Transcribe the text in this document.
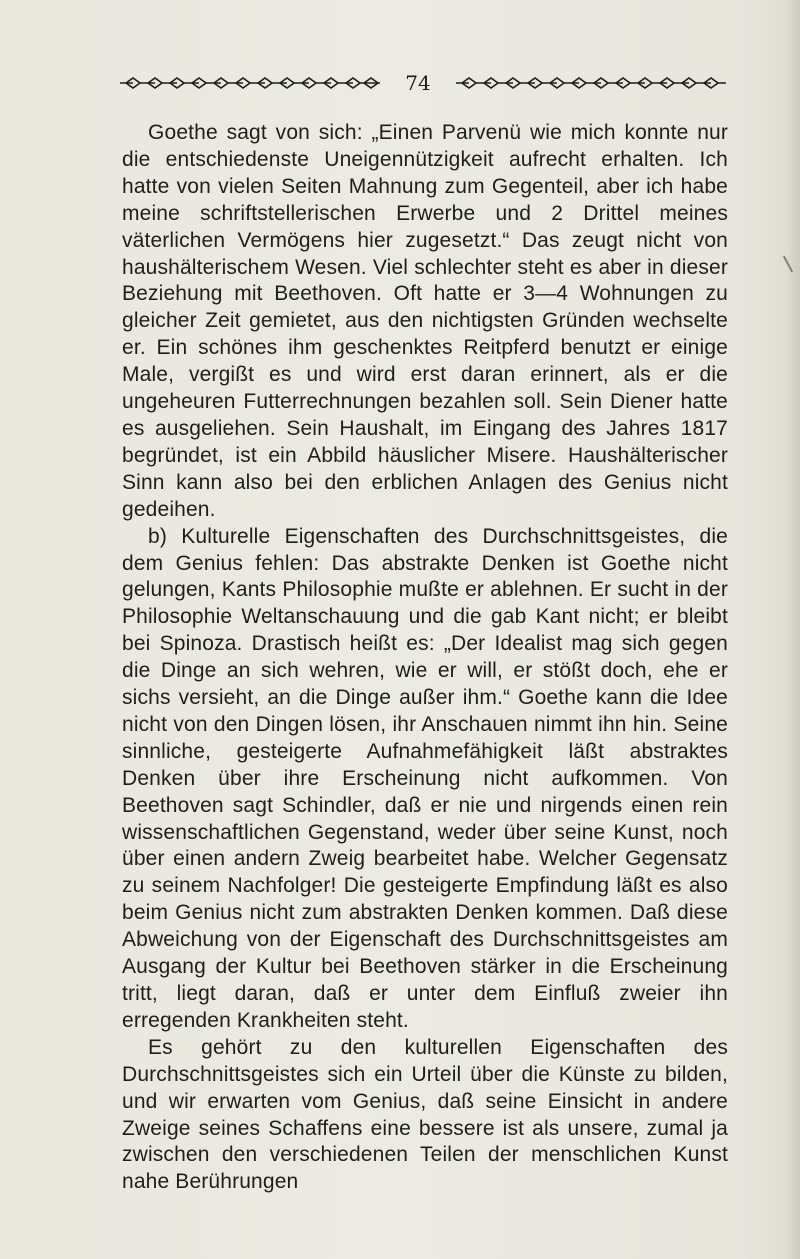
74

Goethe sagt von sich: „Einen Parvenü wie mich konnte nur die entschiedenste Uneigennützigkeit aufrecht erhalten. Ich hatte von vielen Seiten Mahnung zum Gegenteil, aber ich habe meine schriftstellerischen Erwerbe und 2 Drittel meines väterlichen Vermögens hier zugesetzt.“ Das zeugt nicht von haushälterischem Wesen. Viel schlechter steht es aber in dieser Beziehung mit Beethoven. Oft hatte er 3—4 Wohnungen zu gleicher Zeit gemietet, aus den nichtigsten Gründen wechselte er. Ein schönes ihm geschenktes Reitpferd benutzt er einige Male, vergißt es und wird erst daran erinnert, als er die ungeheuren Futterrechnungen bezahlen soll. Sein Diener hatte es ausgeliehen. Sein Haushalt, im Eingang des Jahres 1817 begründet, ist ein Abbild häuslicher Misere. Haushälterischer Sinn kann also bei den erblichen Anlagen des Genius nicht gedeihen.

b) Kulturelle Eigenschaften des Durchschnittsgeistes, die dem Genius fehlen: Das abstrakte Denken ist Goethe nicht gelungen, Kants Philosophie mußte er ablehnen. Er sucht in der Philosophie Weltanschauung und die gab Kant nicht; er bleibt bei Spinoza. Drastisch heißt es: „Der Idealist mag sich gegen die Dinge an sich wehren, wie er will, er stößt doch, ehe er sichs versieht, an die Dinge außer ihm.“ Goethe kann die Idee nicht von den Dingen lösen, ihr Anschauen nimmt ihn hin. Seine sinnliche, gesteigerte Aufnahmefähigkeit läßt abstraktes Denken über ihre Erscheinung nicht aufkommen. Von Beethoven sagt Schindler, daß er nie und nirgends einen rein wissenschaftlichen Gegenstand, weder über seine Kunst, noch über einen andern Zweig bearbeitet habe. Welcher Gegensatz zu seinem Nachfolger! Die gesteigerte Empfindung läßt es also beim Genius nicht zum abstrakten Denken kommen. Daß diese Abweichung von der Eigenschaft des Durchschnittsgeistes am Ausgang der Kultur bei Beethoven stärker in die Erscheinung tritt, liegt daran, daß er unter dem Einfluß zweier ihn erregenden Krankheiten steht.

Es gehört zu den kulturellen Eigenschaften des Durchschnittsgeistes sich ein Urteil über die Künste zu bilden, und wir erwarten vom Genius, daß seine Einsicht in andere Zweige seines Schaffens eine bessere ist als unsere, zumal ja zwischen den verschiedenen Teilen der menschlichen Kunst nahe Berührungen
